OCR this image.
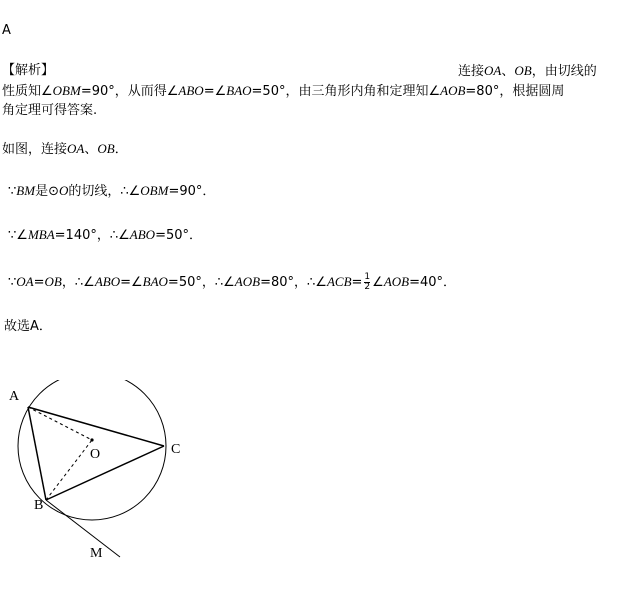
A
【解析】	连接OA、OB，由切线的
性质知∠OBM=90°，从而得∠ABO=∠BAO=50°，由三角形内角和定理知∠AOB=80°，根据圆周
角定理可得答案.
如图，连接OA、OB．
∵BM是⊙O的切线，∴∠OBM=90°．
∵∠MBA=140°，∴∠ABO=50°．
∵OA=OB，∴∠ABO=∠BAO=50°，∴∠AOB=80°，∴∠ACB= $\frac{1}{2}$ ∠AOB=40°．
故选A．
A
B
C
O
M
